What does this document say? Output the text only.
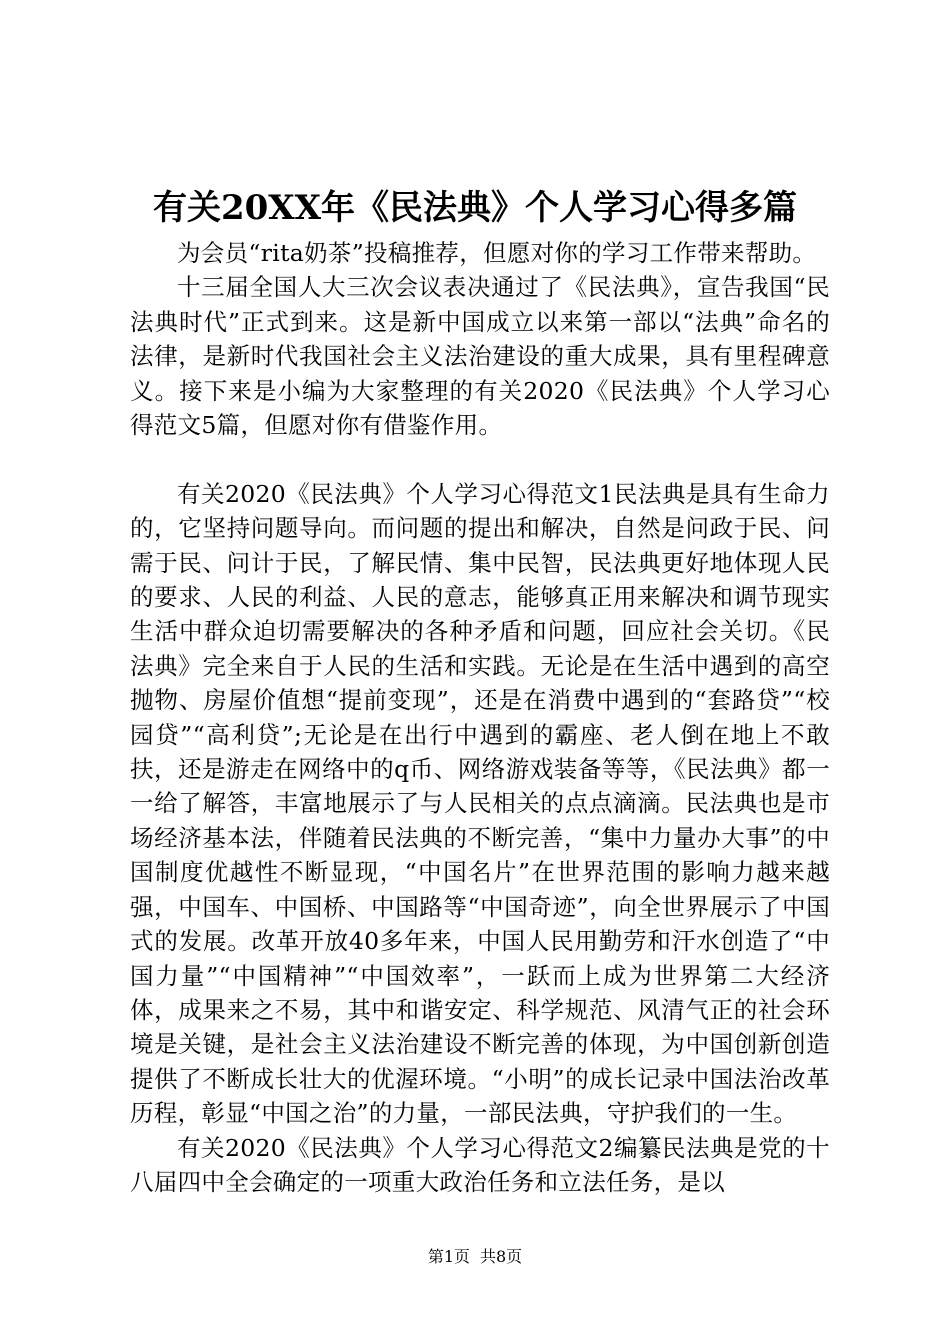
有关20XX年《民法典》个人学习心得多篇

为会员“rita奶茶”投稿推荐，但愿对你的学习工作带来帮助。

十三届全国人大三次会议表决通过了《民法典》，宣告我国“民法典时代”正式到来。这是新中国成立以来第一部以“法典”命名的法律，是新时代我国社会主义法治建设的重大成果，具有里程碑意义。接下来是小编为大家整理的有关2020《民法典》个人学习心得范文5篇，但愿对你有借鉴作用。

有关2020《民法典》个人学习心得范文1民法典是具有生命力的，它坚持问题导向。而问题的提出和解决，自然是问政于民、问需于民、问计于民，了解民情、集中民智，民法典更好地体现人民的要求、人民的利益、人民的意志，能够真正用来解决和调节现实生活中群众迫切需要解决的各种矛盾和问题，回应社会关切。《民法典》完全来自于人民的生活和实践。无论是在生活中遇到的高空抛物、房屋价值想“提前变现”，还是在消费中遇到的“套路贷”“校园贷”“高利贷”;无论是在出行中遇到的霸座、老人倒在地上不敢扶，还是游走在网络中的q币、网络游戏装备等等，《民法典》都一一给了解答，丰富地展示了与人民相关的点点滴滴。民法典也是市场经济基本法，伴随着民法典的不断完善，“集中力量办大事”的中国制度优越性不断显现，“中国名片”在世界范围的影响力越来越强，中国车、中国桥、中国路等“中国奇迹”，向全世界展示了中国式的发展。改革开放40多年来，中国人民用勤劳和汗水创造了“中国力量”“中国精神”“中国效率”，一跃而上成为世界第二大经济体，成果来之不易，其中和谐安定、科学规范、风清气正的社会环境是关键，是社会主义法治建设不断完善的体现，为中国创新创造提供了不断成长壮大的优渥环境。“小明”的成长记录中国法治改革历程，彰显“中国之治”的力量，一部民法典，守护我们的一生。

有关2020《民法典》个人学习心得范文2编纂民法典是党的十八届四中全会确定的一项重大政治任务和立法任务，是以

第1页 共8页
